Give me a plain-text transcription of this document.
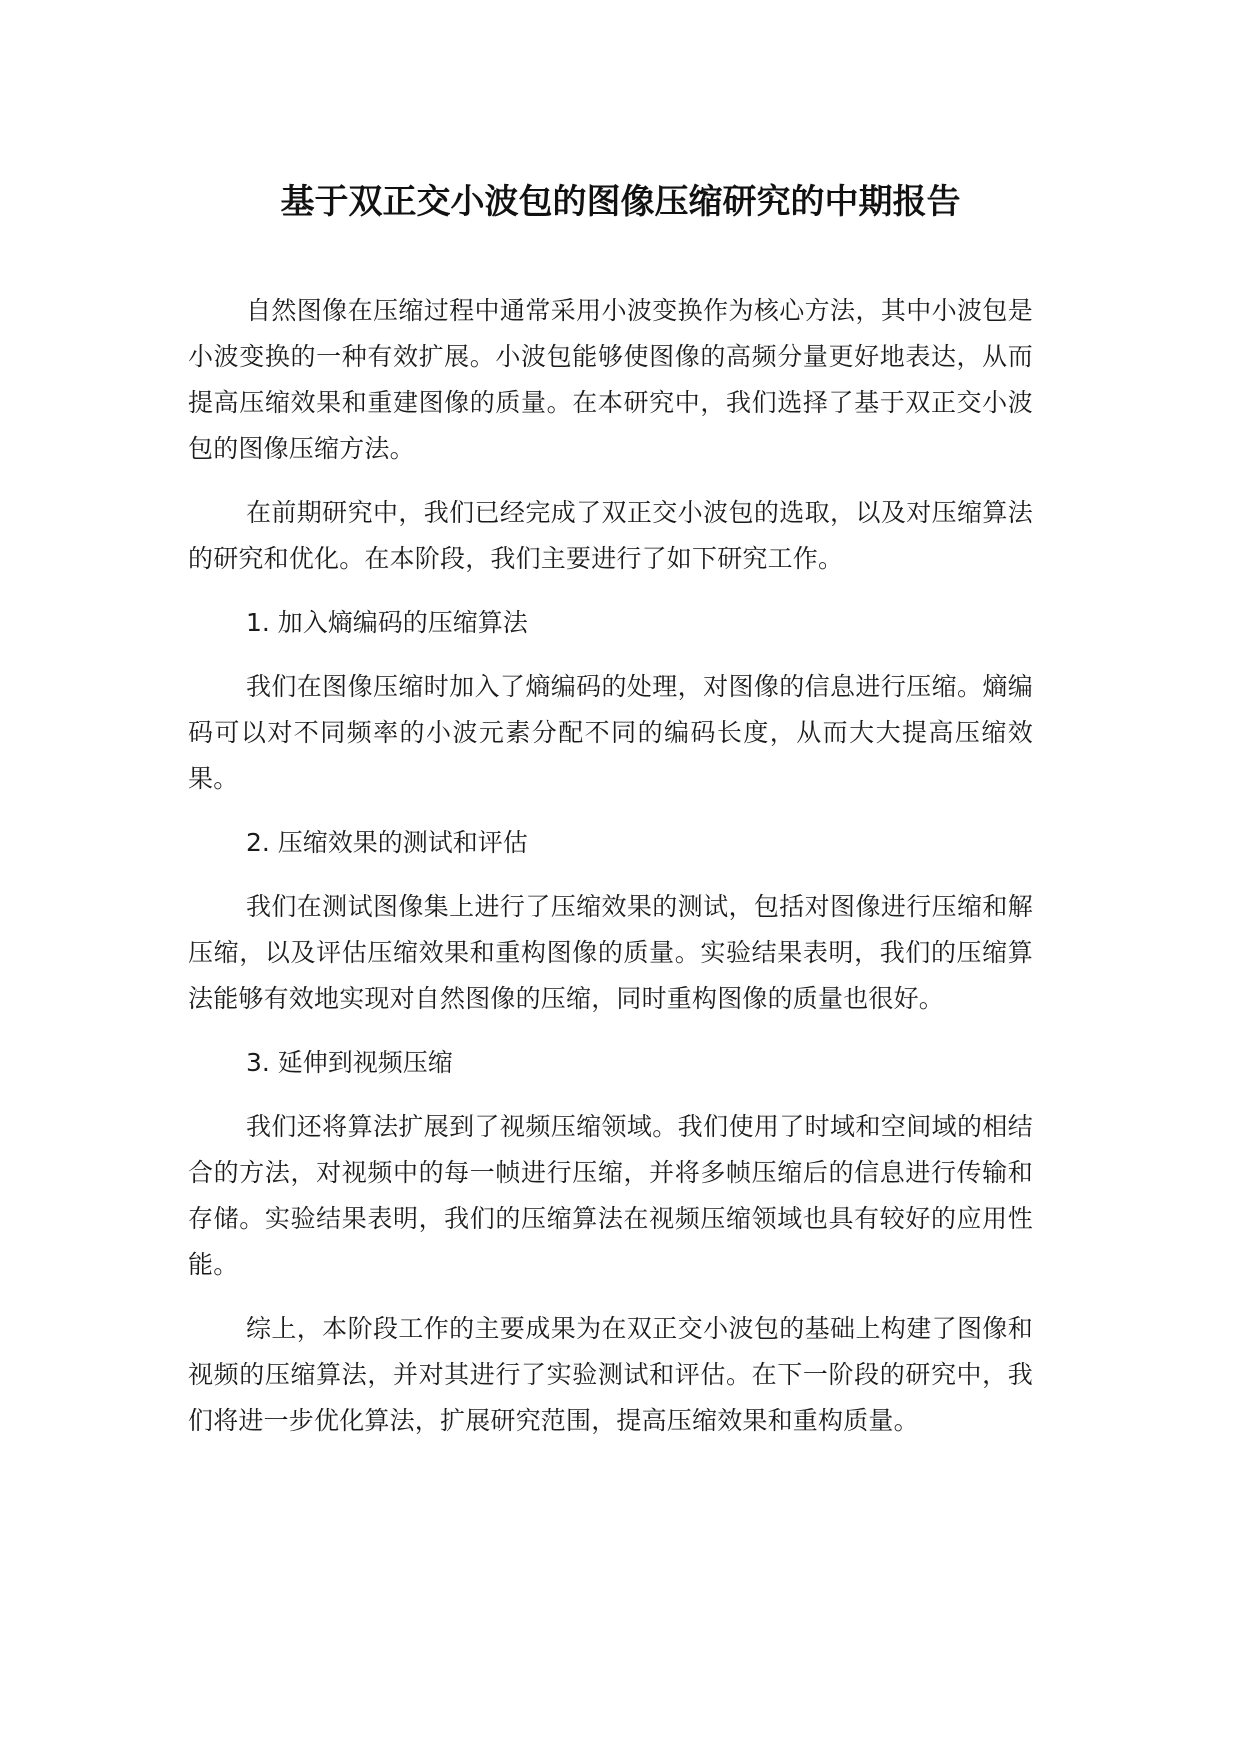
基于双正交小波包的图像压缩研究的中期报告

自然图像在压缩过程中通常采用小波变换作为核心方法，其中小波包是小波变换的一种有效扩展。小波包能够使图像的高频分量更好地表达，从而提高压缩效果和重建图像的质量。在本研究中，我们选择了基于双正交小波包的图像压缩方法。

在前期研究中，我们已经完成了双正交小波包的选取，以及对压缩算法的研究和优化。在本阶段，我们主要进行了如下研究工作。

1. 加入熵编码的压缩算法

我们在图像压缩时加入了熵编码的处理，对图像的信息进行压缩。熵编码可以对不同频率的小波元素分配不同的编码长度，从而大大提高压缩效果。

2. 压缩效果的测试和评估

我们在测试图像集上进行了压缩效果的测试，包括对图像进行压缩和解压缩，以及评估压缩效果和重构图像的质量。实验结果表明，我们的压缩算法能够有效地实现对自然图像的压缩，同时重构图像的质量也很好。

3. 延伸到视频压缩

我们还将算法扩展到了视频压缩领域。我们使用了时域和空间域的相结合的方法，对视频中的每一帧进行压缩，并将多帧压缩后的信息进行传输和存储。实验结果表明，我们的压缩算法在视频压缩领域也具有较好的应用性能。

综上，本阶段工作的主要成果为在双正交小波包的基础上构建了图像和视频的压缩算法，并对其进行了实验测试和评估。在下一阶段的研究中，我们将进一步优化算法，扩展研究范围，提高压缩效果和重构质量。
